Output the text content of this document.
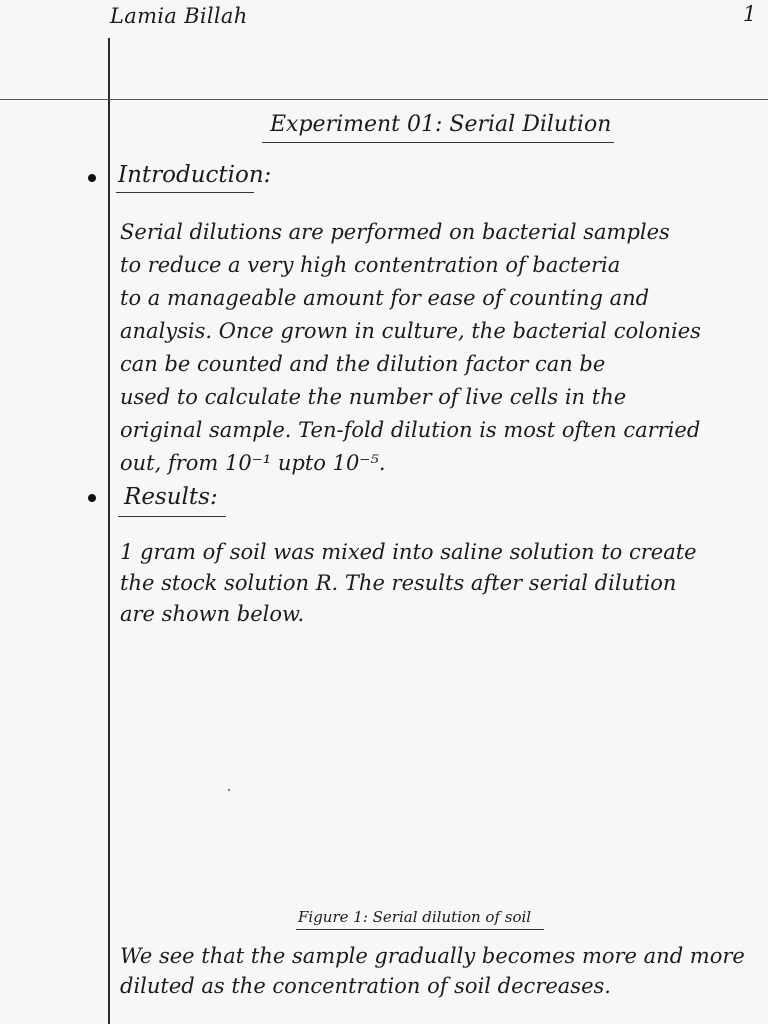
Lamia Billah	1
Experiment 01: Serial Dilution
Introduction:

Serial dilutions are performed on bacterial samples
to reduce a very high contentration of bacteria
to a manageable amount for ease of counting and
analysis. Once grown in culture, the bacterial colonies
can be counted and the dilution factor can be
used to calculate the number of live cells in the
original sample. Ten-fold dilution is most often carried
out, from 10⁻¹ upto 10⁻⁵.

Results:

1 gram of soil was mixed into saline solution to create
the stock solution R. The results after serial dilution
are shown below.

Figure 1: Serial dilution of soil

We see that the sample gradually becomes more and more
diluted as the concentration of soil decreases.
